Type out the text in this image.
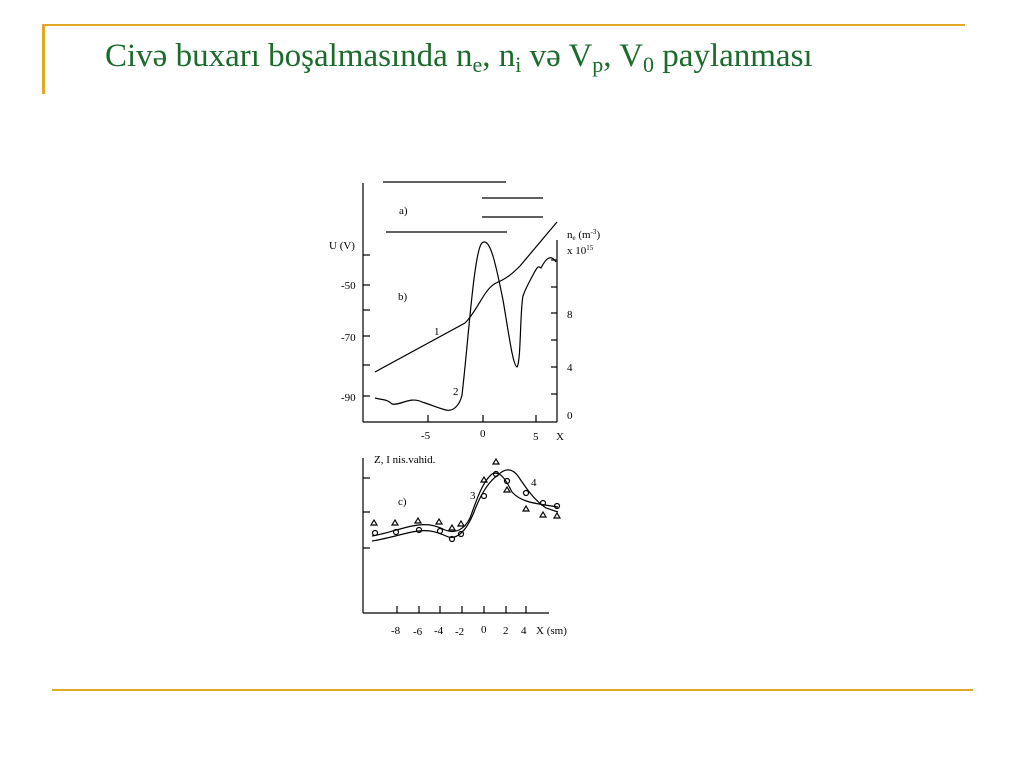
Civə buxarı boşalmasında $n_e$, $n_i$ və $V_p$, $V_0$ paylanması
a)
b)
c)
U (V)
-50
-70
-90
ne $(m^{-3})$
x $10^{15}$
8
4
0
-5	0	5 X
1
2
3
4
Z, I nis.vahid.
-8 -6 -4 -2 0 2 4 X (sm)
